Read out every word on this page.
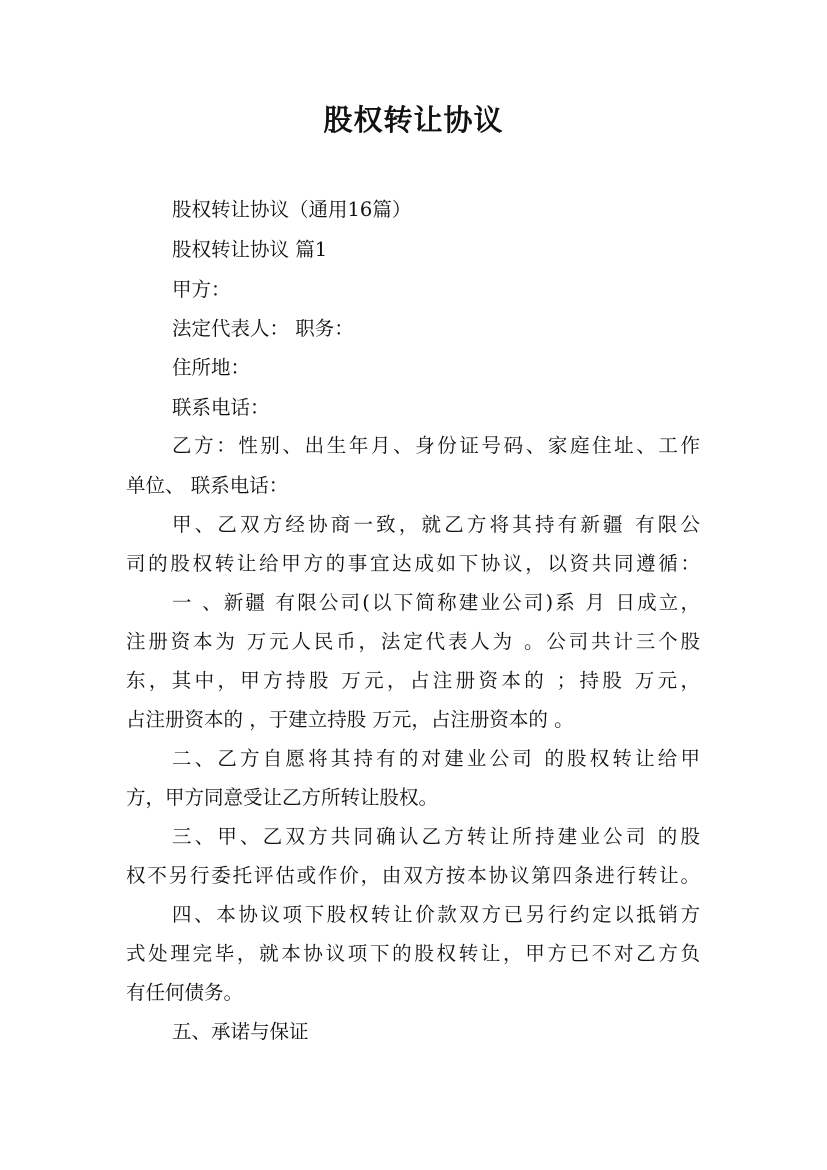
股权转让协议
股权转让协议（通用16篇）
股权转让协议 篇1
甲方：
法定代表人： 职务：
住所地：
联系电话：
乙方：性别、出生年月、身份证号码、家庭住址、工作
单位、 联系电话：
甲、乙双方经协商一致，就乙方将其持有新疆 有限公
司的股权转让给甲方的事宜达成如下协议，以资共同遵循：
一 、新疆 有限公司(以下简称建业公司)系 月 日成立，
注册资本为 万元人民币，法定代表人为 。公司共计三个股
东，其中，甲方持股 万元，占注册资本的 ；持股 万元，
占注册资本的 ，于建立持股 万元，占注册资本的 。
二、乙方自愿将其持有的对建业公司 的股权转让给甲
方，甲方同意受让乙方所转让股权。
三、甲、乙双方共同确认乙方转让所持建业公司 的股
权不另行委托评估或作价，由双方按本协议第四条进行转让。
四、本协议项下股权转让价款双方已另行约定以抵销方
式处理完毕，就本协议项下的股权转让，甲方已不对乙方负
有任何债务。
五、承诺与保证
